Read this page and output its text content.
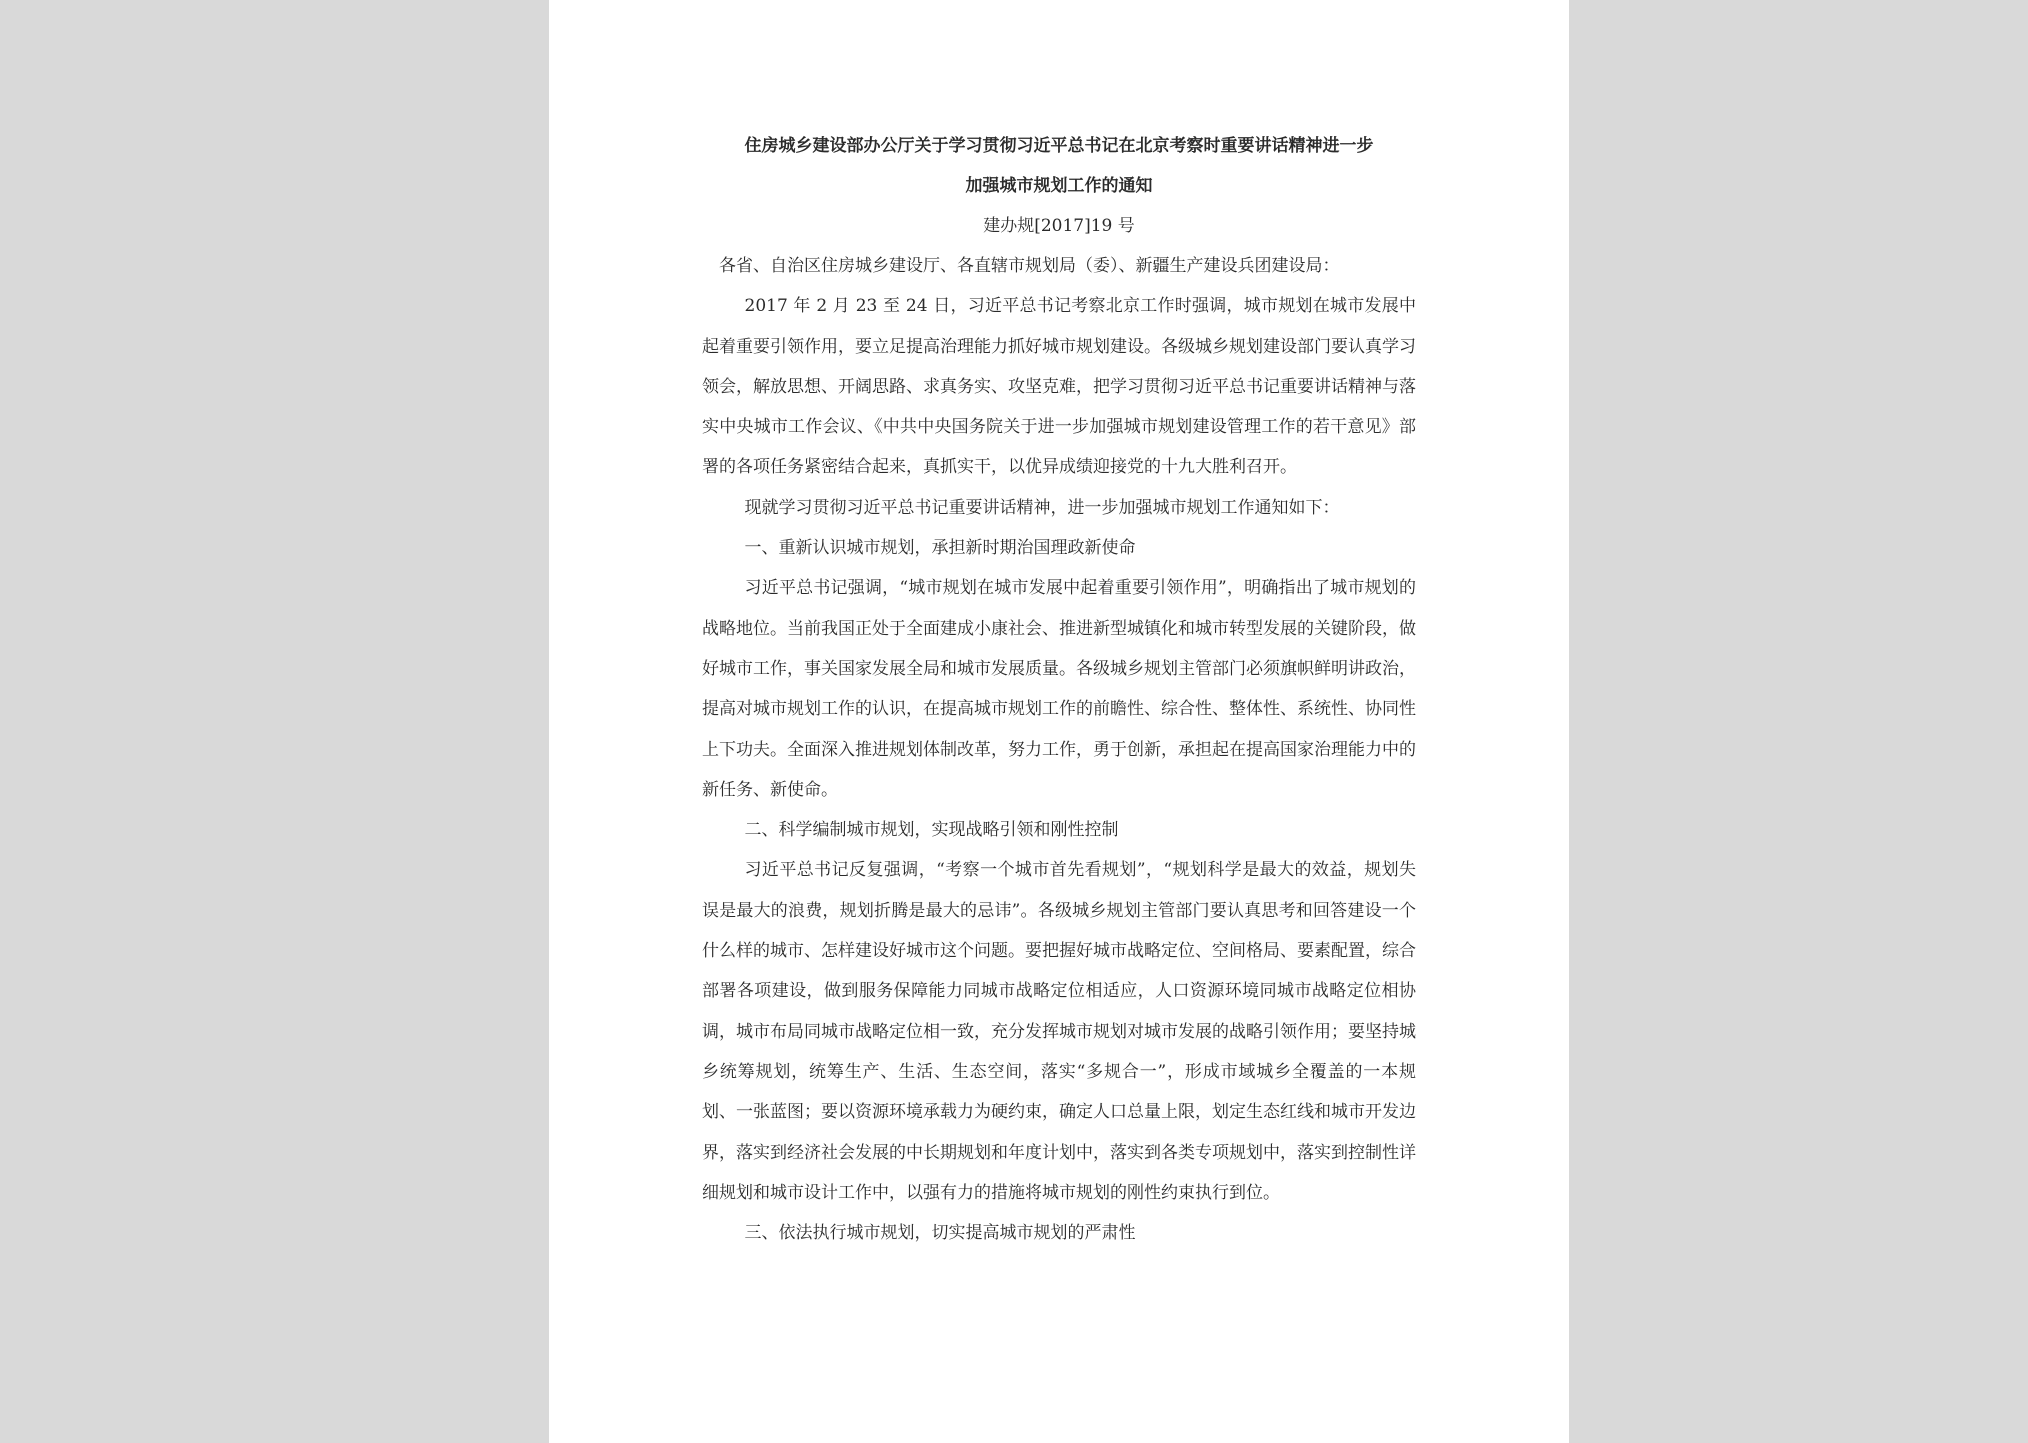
住房城乡建设部办公厅关于学习贯彻习近平总书记在北京考察时重要讲话精神进一步

加强城市规划工作的通知

建办规[2017]19 号

各省、自治区住房城乡建设厅、各直辖市规划局（委）、新疆生产建设兵团建设局：

2017 年 2 月 23 至 24 日，习近平总书记考察北京工作时强调，城市规划在城市发展中起着重要引领作用，要立足提高治理能力抓好城市规划建设。各级城乡规划建设部门要认真学习领会，解放思想、开阔思路、求真务实、攻坚克难，把学习贯彻习近平总书记重要讲话精神与落实中央城市工作会议、《中共中央国务院关于进一步加强城市规划建设管理工作的若干意见》部署的各项任务紧密结合起来，真抓实干，以优异成绩迎接党的十九大胜利召开。

现就学习贯彻习近平总书记重要讲话精神，进一步加强城市规划工作通知如下：

一、重新认识城市规划，承担新时期治国理政新使命

习近平总书记强调，“城市规划在城市发展中起着重要引领作用”，明确指出了城市规划的战略地位。当前我国正处于全面建成小康社会、推进新型城镇化和城市转型发展的关键阶段，做好城市工作，事关国家发展全局和城市发展质量。各级城乡规划主管部门必须旗帜鲜明讲政治，提高对城市规划工作的认识，在提高城市规划工作的前瞻性、综合性、整体性、系统性、协同性上下功夫。全面深入推进规划体制改革，努力工作，勇于创新，承担起在提高国家治理能力中的新任务、新使命。

二、科学编制城市规划，实现战略引领和刚性控制

习近平总书记反复强调，“考察一个城市首先看规划”，“规划科学是最大的效益，规划失误是最大的浪费，规划折腾是最大的忌讳”。各级城乡规划主管部门要认真思考和回答建设一个什么样的城市、怎样建设好城市这个问题。要把握好城市战略定位、空间格局、要素配置，综合部署各项建设，做到服务保障能力同城市战略定位相适应，人口资源环境同城市战略定位相协调，城市布局同城市战略定位相一致，充分发挥城市规划对城市发展的战略引领作用；要坚持城乡统筹规划，统筹生产、生活、生态空间，落实“多规合一”，形成市域城乡全覆盖的一本规划、一张蓝图；要以资源环境承载力为硬约束，确定人口总量上限，划定生态红线和城市开发边界，落实到经济社会发展的中长期规划和年度计划中，落实到各类专项规划中，落实到控制性详细规划和城市设计工作中，以强有力的措施将城市规划的刚性约束执行到位。

三、依法执行城市规划，切实提高城市规划的严肃性
